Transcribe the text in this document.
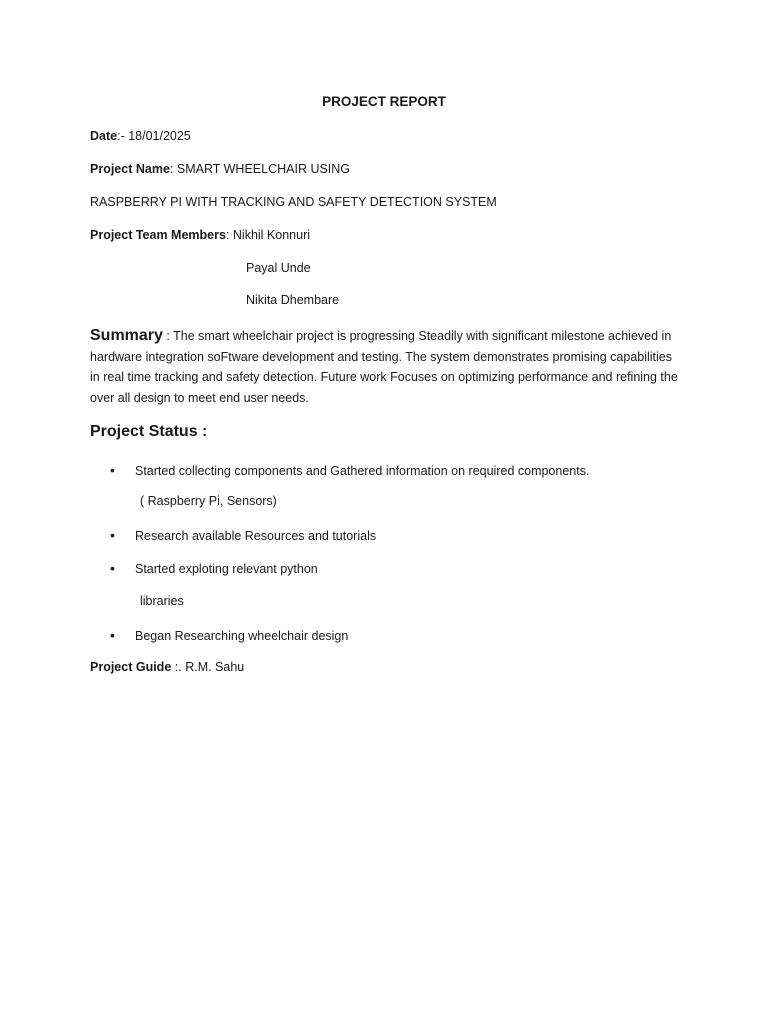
PROJECT REPORT
Date:- 18/01/2025
Project Name: SMART WHEELCHAIR USING
RASPBERRY PI WITH TRACKING AND SAFETY DETECTION SYSTEM
Project Team Members: Nikhil Konnuri
Payal Unde
Nikita Dhembare
Summary : The smart wheelchair project is progressing Steadily with significant milestone achieved in hardware integration soFtware development and testing. The system demonstrates promising capabilities in real time tracking and safety detection. Future work Focuses on optimizing performance and refining the over all design to meet end user needs.
Project Status :
• Started collecting components and Gathered information on required components.
( Raspberry Pi, Sensors)
• Research available Resources and tutorials
• Started exploting relevant python
libraries
• Began Researching wheelchair design
Project Guide :. R.M. Sahu
